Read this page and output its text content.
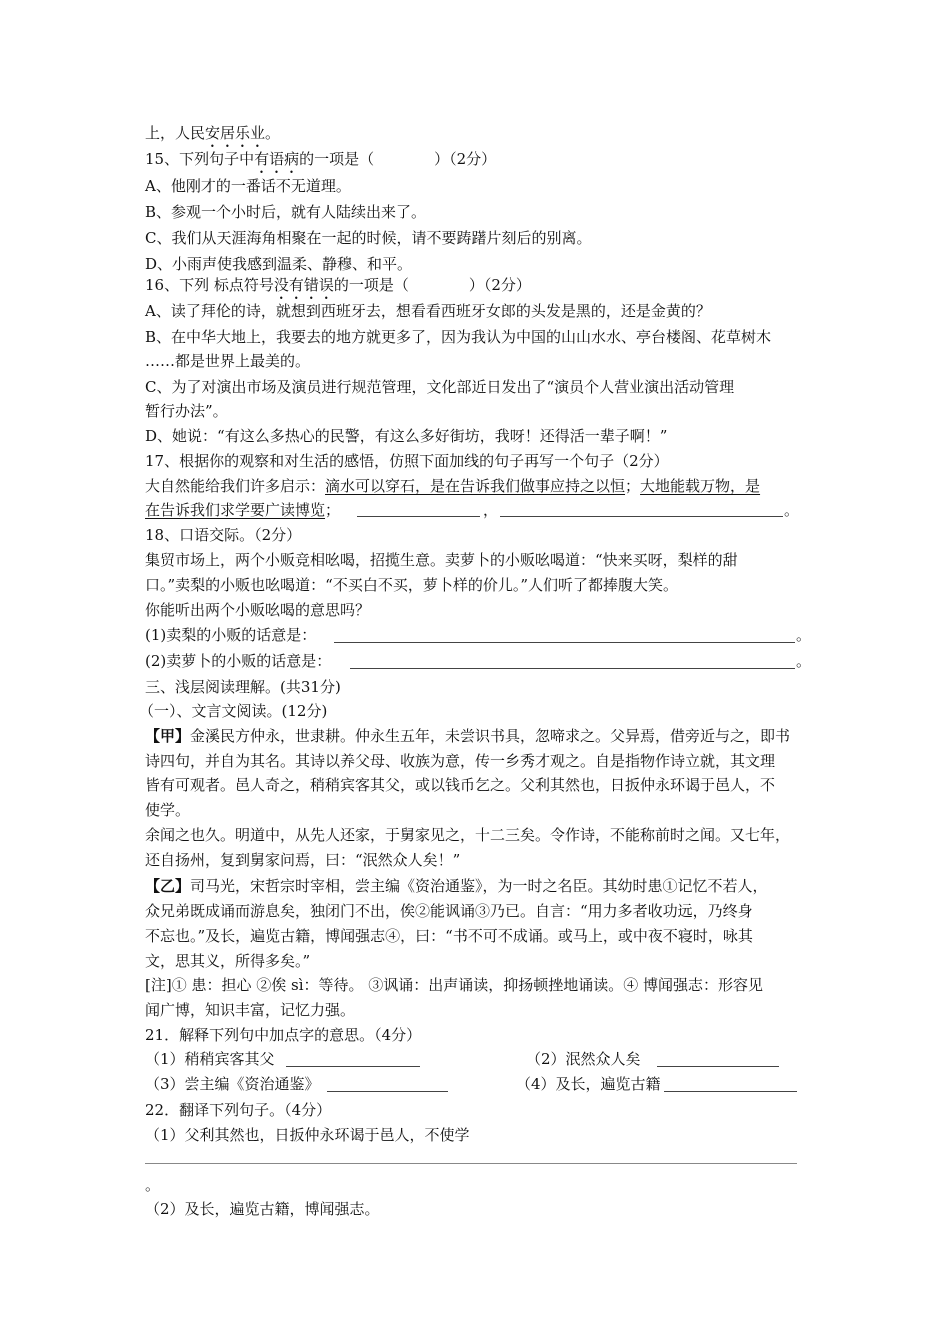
上，人民安居乐业。
15、下列句子中有语病的一项是（　　　　）（2分）
A、他刚才的一番话不无道理。
B、参观一个小时后，就有人陆续出来了。
C、我们从天涯海角相聚在一起的时候，请不要踌躇片刻后的别离。
D、小雨声使我感到温柔、静穆、和平。
16、下列 标点符号没有错误的一项是（　　　　）（2分）
A、读了拜伦的诗，就想到西班牙去，想看看西班牙女郎的头发是黑的，还是金黄的？
B、在中华大地上，我要去的地方就更多了，因为我认为中国的山山水水、亭台楼阁、花草树木
……都是世界上最美的。
C、为了对演出市场及演员进行规范管理，文化部近日发出了“演员个人营业演出活动管理
暂行办法”。
D、她说：“有这么多热心的民警，有这么多好街坊，我呀！还得活一辈子啊！”
17、根据你的观察和对生活的感悟，仿照下面加线的句子再写一个句子（2分）
大自然能给我们许多启示：滴水可以穿石，是在告诉我们做事应持之以恒；大地能载万物，是
在告诉我们求学要广读博览；	，	。
18、口语交际。（2分）
集贸市场上，两个小贩竞相吆喝，招揽生意。卖萝卜的小贩吆喝道：“快来买呀，梨样的甜
口。”卖梨的小贩也吆喝道：“不买白不买，萝卜样的价儿。”人们听了都捧腹大笑。
你能听出两个小贩吆喝的意思吗？
(1)卖梨的小贩的话意是：	。
(2)卖萝卜的小贩的话意是：	。
三、浅层阅读理解。(共31分)
（一）、文言文阅读。(12分)
【甲】金溪民方仲永，世隶耕。仲永生五年，未尝识书具，忽啼求之。父异焉，借旁近与之，即书
诗四句，并自为其名。其诗以养父母、收族为意，传一乡秀才观之。自是指物作诗立就，其文理
皆有可观者。邑人奇之，稍稍宾客其父，或以钱币乞之。父利其然也，日扳仲永环谒于邑人，不
使学。
余闻之也久。明道中，从先人还家，于舅家见之，十二三矣。令作诗，不能称前时之闻。又七年，
还自扬州，复到舅家问焉，曰：“泯然众人矣！”
【乙】司马光，宋哲宗时宰相，尝主编《资治通鉴》，为一时之名臣。其幼时患①记忆不若人，
众兄弟既成诵而游息矣，独闭门不出，俟②能讽诵③乃已。自言：“用力多者收功远，乃终身
不忘也。”及长，遍览古籍，博闻强志④，曰：“书不可不成诵。或马上，或中夜不寝时，咏其
文，思其义，所得多矣。”
[注]① 患：担心 ②俟 sì：等待。 ③讽诵：出声诵读，抑扬顿挫地诵读。④ 博闻强志：形容见
闻广博，知识丰富，记忆力强。
21．解释下列句中加点字的意思。（4分）
（1）稍稍宾客其父	（2）泯然众人矣
（3）尝主编《资治通鉴》	（4）及长，遍览古籍
22．翻译下列句子。（4分）
（1）父利其然也，日扳仲永环谒于邑人，不使学
。
（2）及长，遍览古籍，博闻强志。
